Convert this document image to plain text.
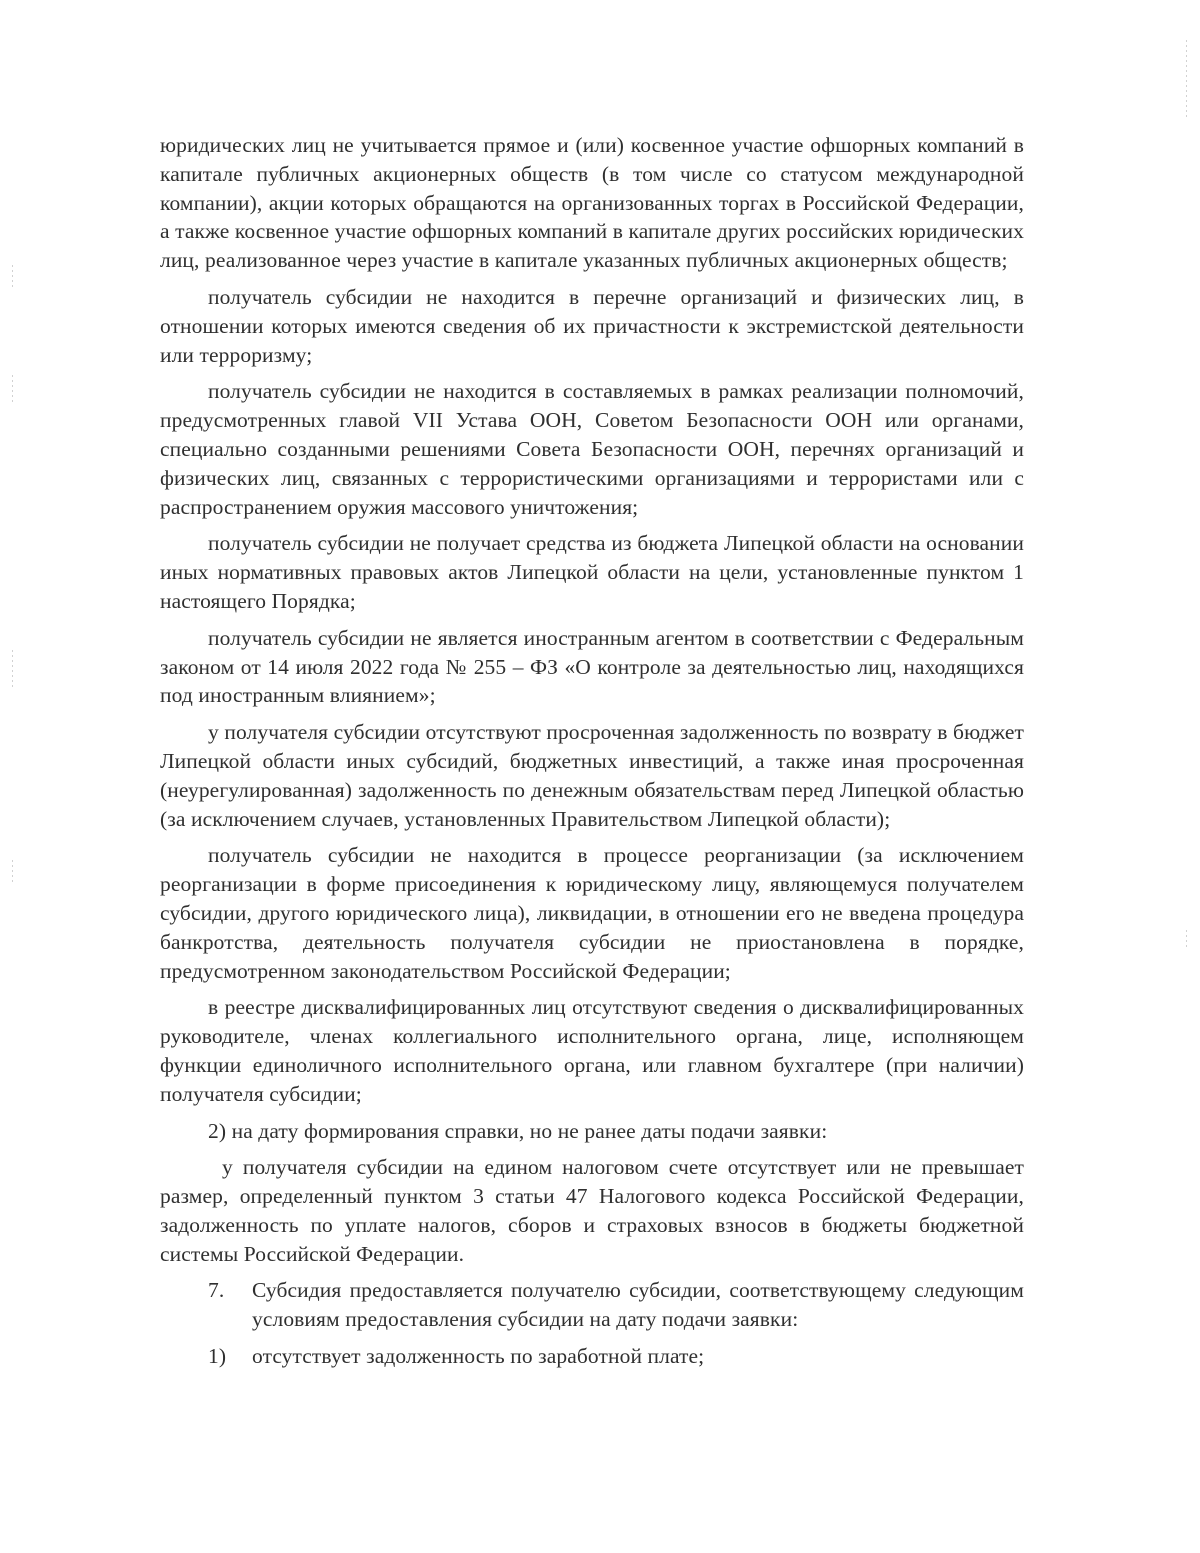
юридических лиц не учитывается прямое и (или) косвенное участие офшорных компаний в капитале публичных акционерных обществ (в том числе со статусом международной компании), акции которых обращаются на организованных торгах в Российской Федерации, а также косвенное участие офшорных компаний в капитале других российских юридических лиц, реализованное через участие в капитале указанных публичных акционерных обществ;

получатель субсидии не находится в перечне организаций и физических лиц, в отношении которых имеются сведения об их причастности к экстремистской деятельности или терроризму;

получатель субсидии не находится в составляемых в рамках реализации полномочий, предусмотренных главой VII Устава ООН, Советом Безопасности ООН или органами, специально созданными решениями Совета Безопасности ООН, перечнях организаций и физических лиц, связанных с террористическими организациями и террористами или с распространением оружия массового уничтожения;

получатель субсидии не получает средства из бюджета Липецкой области на основании иных нормативных правовых актов Липецкой области на цели, установленные пунктом 1 настоящего Порядка;

получатель субсидии не является иностранным агентом в соответствии с Федеральным законом от 14 июля 2022 года № 255 – ФЗ «О контроле за деятельностью лиц, находящихся под иностранным влиянием»;

у получателя субсидии отсутствуют просроченная задолженность по возврату в бюджет Липецкой области иных субсидий, бюджетных инвестиций, а также иная просроченная (неурегулированная) задолженность по денежным обязательствам перед Липецкой областью (за исключением случаев, установленных Правительством Липецкой области);

получатель субсидии не находится в процессе реорганизации (за исключением реорганизации в форме присоединения к юридическому лицу, являющемуся получателем субсидии, другого юридического лица), ликвидации, в отношении его не введена процедура банкротства, деятельность получателя субсидии не приостановлена в порядке, предусмотренном законодательством Российской Федерации;

в реестре дисквалифицированных лиц отсутствуют сведения о дисквалифицированных руководителе, членах коллегиального исполнительного органа, лице, исполняющем функции единоличного исполнительного органа, или главном бухгалтере (при наличии) получателя субсидии;

2) на дату формирования справки, но не ранее даты подачи заявки:

у получателя субсидии на едином налоговом счете отсутствует или не превышает размер, определенный пунктом 3 статьи 47 Налогового кодекса Российской Федерации, задолженность по уплате налогов, сборов и страховых взносов в бюджеты бюджетной системы Российской Федерации.

7.	Субсидия предоставляется получателю субсидии, соответствующему следующим условиям предоставления субсидии на дату подачи заявки:
1)	отсутствует задолженность по заработной плате;
